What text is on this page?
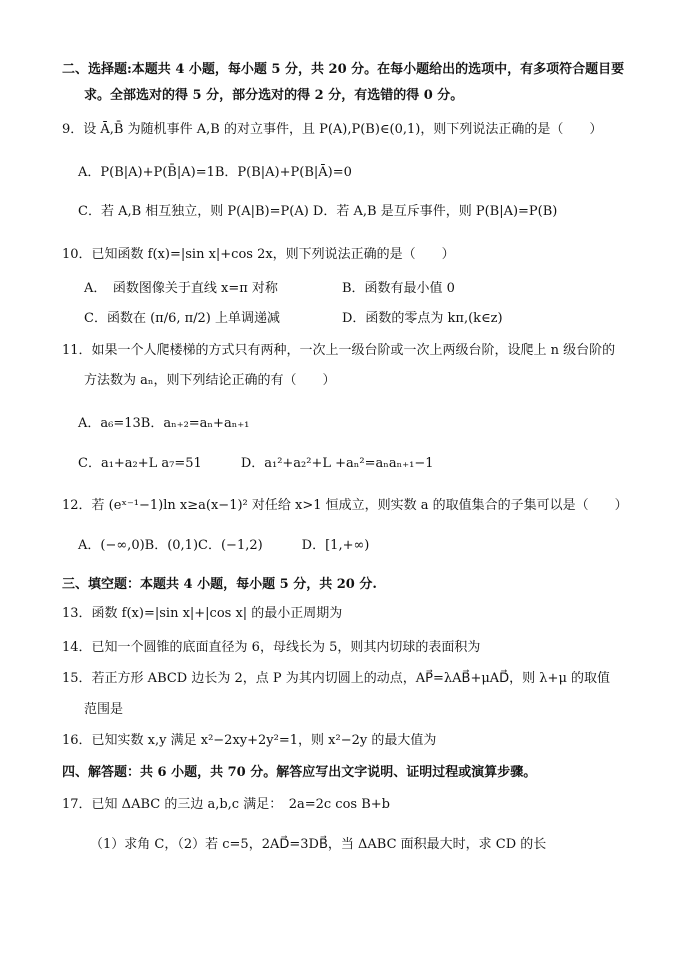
二、选择题:本题共 4 小题，每小题 5 分，共 20 分。在每小题给出的选项中，有多项符合题目要
求。全部选对的得 5 分，部分选对的得 2 分，有选错的得 0 分。
9．设 Ā,B̄ 为随机事件 A,B 的对立事件，且 P(A),P(B)∈(0,1)，则下列说法正确的是（　　）
A．P(B|A)+P(B̄|A)=1B．P(B|A)+P(B|Ā)=0
C．若 A,B 相互独立，则 P(A|B)=P(A) D．若 A,B 是互斥事件，则 P(B|A)=P(B)
10．已知函数 f(x)=|sin x|+cos 2x，则下列说法正确的是（　　）
11．如果一个人爬楼梯的方式只有两种，一次上一级台阶或一次上两级台阶，设爬上 n 级台阶的
方法数为 aₙ，则下列结论正确的有（　　）
A．a₆=13B．aₙ₊₂=aₙ+aₙ₊₁
C．a₁+a₂+L a₇=51　　　D．a₁²+a₂²+L +aₙ²=aₙaₙ₊₁−1
12．若 (eˣ⁻¹−1)ln x≥a(x−1)² 对任给 x>1 恒成立，则实数 a 的取值集合的子集可以是（　　）
A．(−∞,0)B．(0,1)C．(−1,2)　　　D．[1,+∞)
三、填空题：本题共 4 小题，每小题 5 分，共 20 分.
13．函数 f(x)=|sin x|+|cos x| 的最小正周期为
14．已知一个圆锥的底面直径为 6，母线长为 5，则其内切球的表面积为
15．若正方形 ABCD 边长为 2，点 P 为其内切圆上的动点，AP⃗=λAB⃗+μAD⃗，则 λ+μ 的取值
范围是
16．已知实数 x,y 满足 x²−2xy+2y²=1，则 x²−2y 的最大值为
四、解答题：共 6 小题，共 70 分。解答应写出文字说明、证明过程或演算步骤。
17．已知 ΔABC 的三边 a,b,c 满足：　2a=2c cos B+b
（1）求角 C，（2）若 c=5，2AD⃗=3DB⃗，当 ΔABC 面积最大时，求 CD 的长
A．　函数图像关于直线 x=π 对称	B．函数有最小值 0
C．函数在 (π/6, π/2) 上单调递减	D．函数的零点为 kπ,(k∈z)
